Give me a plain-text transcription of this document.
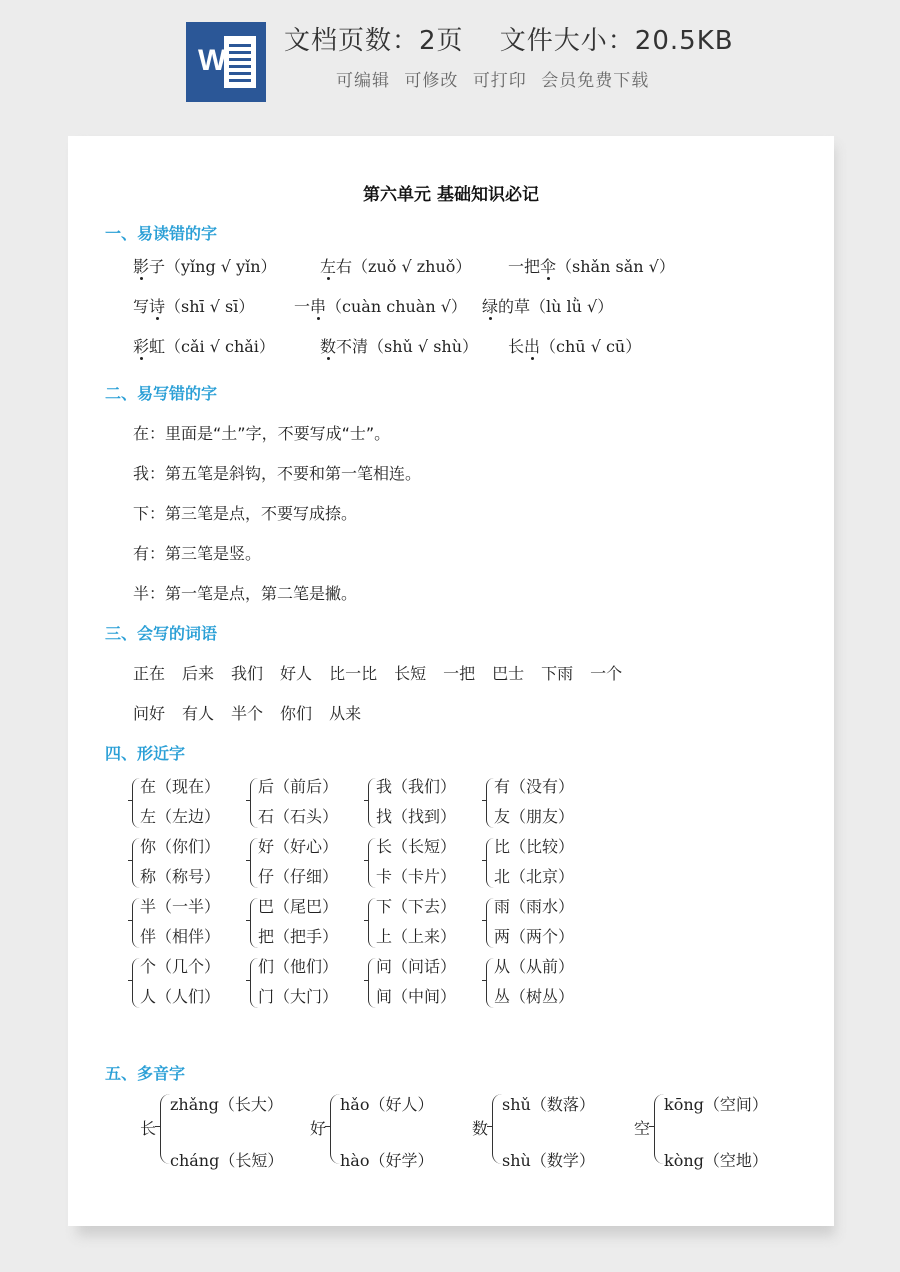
W
文档页数：2页　 文件大小：20.5KB
可编辑 可修改 可打印 会员免费下载
第六单元 基础知识必记
一、易读错的字
影子（yǐng √ yǐn）	左右（zuǒ √ zhuǒ） 一把伞（shǎn sǎn √）
写诗（shī √ sī） 一串（cuàn chuàn √） 绿的草（lù lǜ √）
彩虹（cǎi √ chǎi）	数不清（shǔ √ shù） 长出（chū √ cū）
二、易写错的字
在：里面是“土”字，不要写成“士”。
我：第五笔是斜钩，不要和第一笔相连。
下：第三笔是点，不要写成捺。
有：第三笔是竖。
半：第一笔是点，第二笔是撇。
三、会写的词语
正在 后来 我们 好人 比一比 长短 一把 巴士 下雨 一个
问好 有人 半个 你们 从来
四、形近字
在（现在）
左（左边）
后（前后）
石（石头）
我（我们）
找（找到）
有（没有）
友（朋友）
你（你们）
称（称号）
好（好心）
仔（仔细）
长（长短）
卡（卡片）
比（比较）
北（北京）
半（一半）
伴（相伴）
巴（尾巴）
把（把手）
下（下去）
上（上来）
雨（雨水）
两（两个）
个（几个）
人（人们）
们（他们）
门（大门）
问（问话）
间（中间）
从（从前）
丛（树丛）
五、多音字
长
zhǎng（长大）
cháng（长短）
好
hǎo（好人）
hào（好学）
数
shǔ（数落）
shù（数学）
空
kōng（空间）
kòng（空地）
